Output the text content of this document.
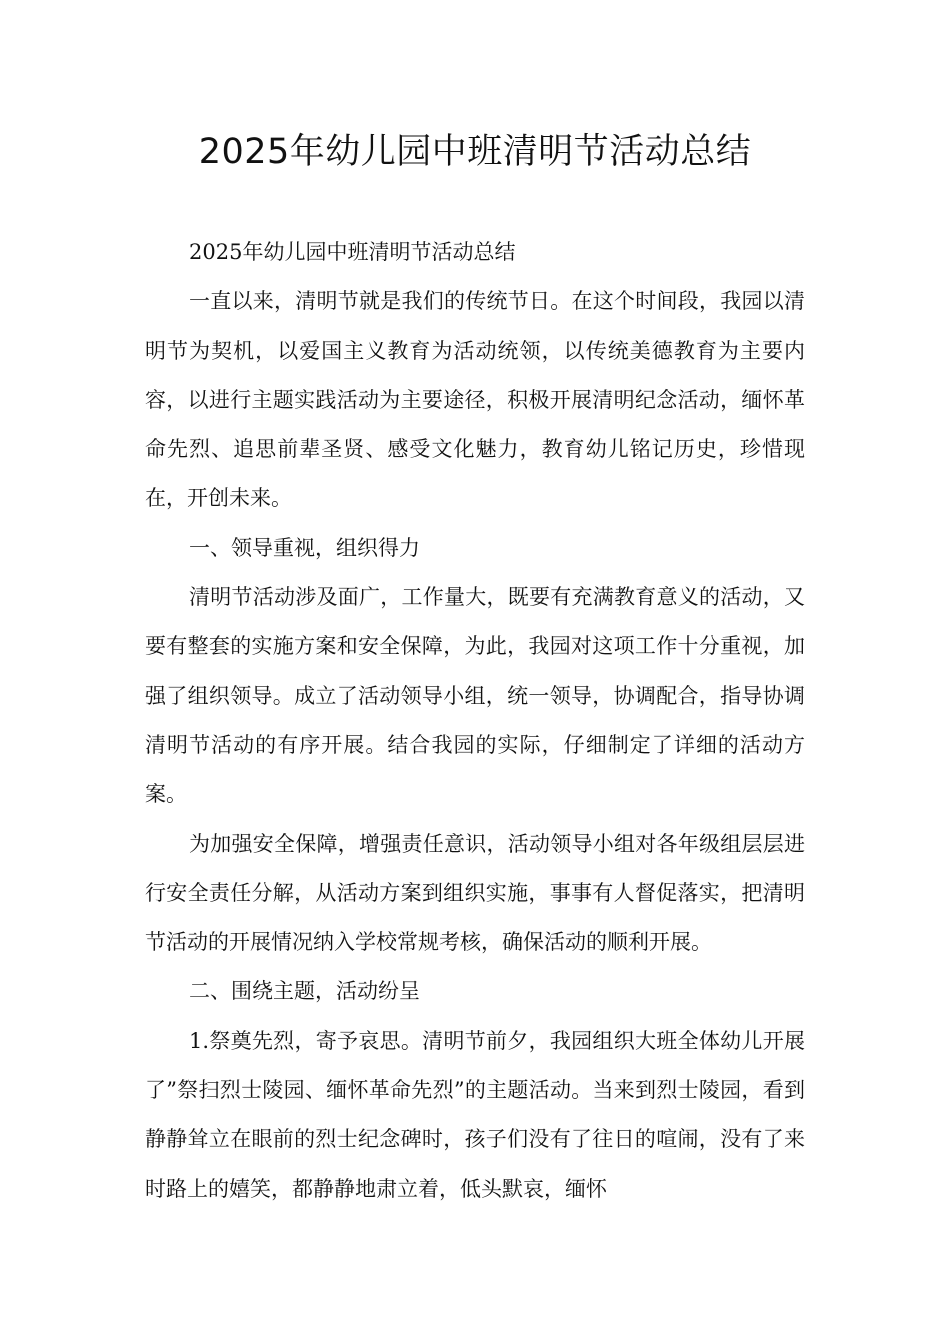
2025年幼儿园中班清明节活动总结

2025年幼儿园中班清明节活动总结

一直以来，清明节就是我们的传统节日。在这个时间段，我园以清明节为契机，以爱国主义教育为活动统领，以传统美德教育为主要内容，以进行主题实践活动为主要途径，积极开展清明纪念活动，缅怀革命先烈、追思前辈圣贤、感受文化魅力，教育幼儿铭记历史，珍惜现在，开创未来。

一、领导重视，组织得力

清明节活动涉及面广，工作量大，既要有充满教育意义的活动，又要有整套的实施方案和安全保障，为此，我园对这项工作十分重视，加强了组织领导。成立了活动领导小组，统一领导，协调配合，指导协调清明节活动的有序开展。结合我园的实际，仔细制定了详细的活动方案。

为加强安全保障，增强责任意识，活动领导小组对各年级组层层进行安全责任分解，从活动方案到组织实施，事事有人督促落实，把清明节活动的开展情况纳入学校常规考核，确保活动的顺利开展。

二、围绕主题，活动纷呈

1.祭奠先烈，寄予哀思。清明节前夕，我园组织大班全体幼儿开展了”祭扫烈士陵园、缅怀革命先烈”的主题活动。当来到烈士陵园，看到静静耸立在眼前的烈士纪念碑时，孩子们没有了往日的喧闹，没有了来时路上的嬉笑，都静静地肃立着，低头默哀，缅怀
